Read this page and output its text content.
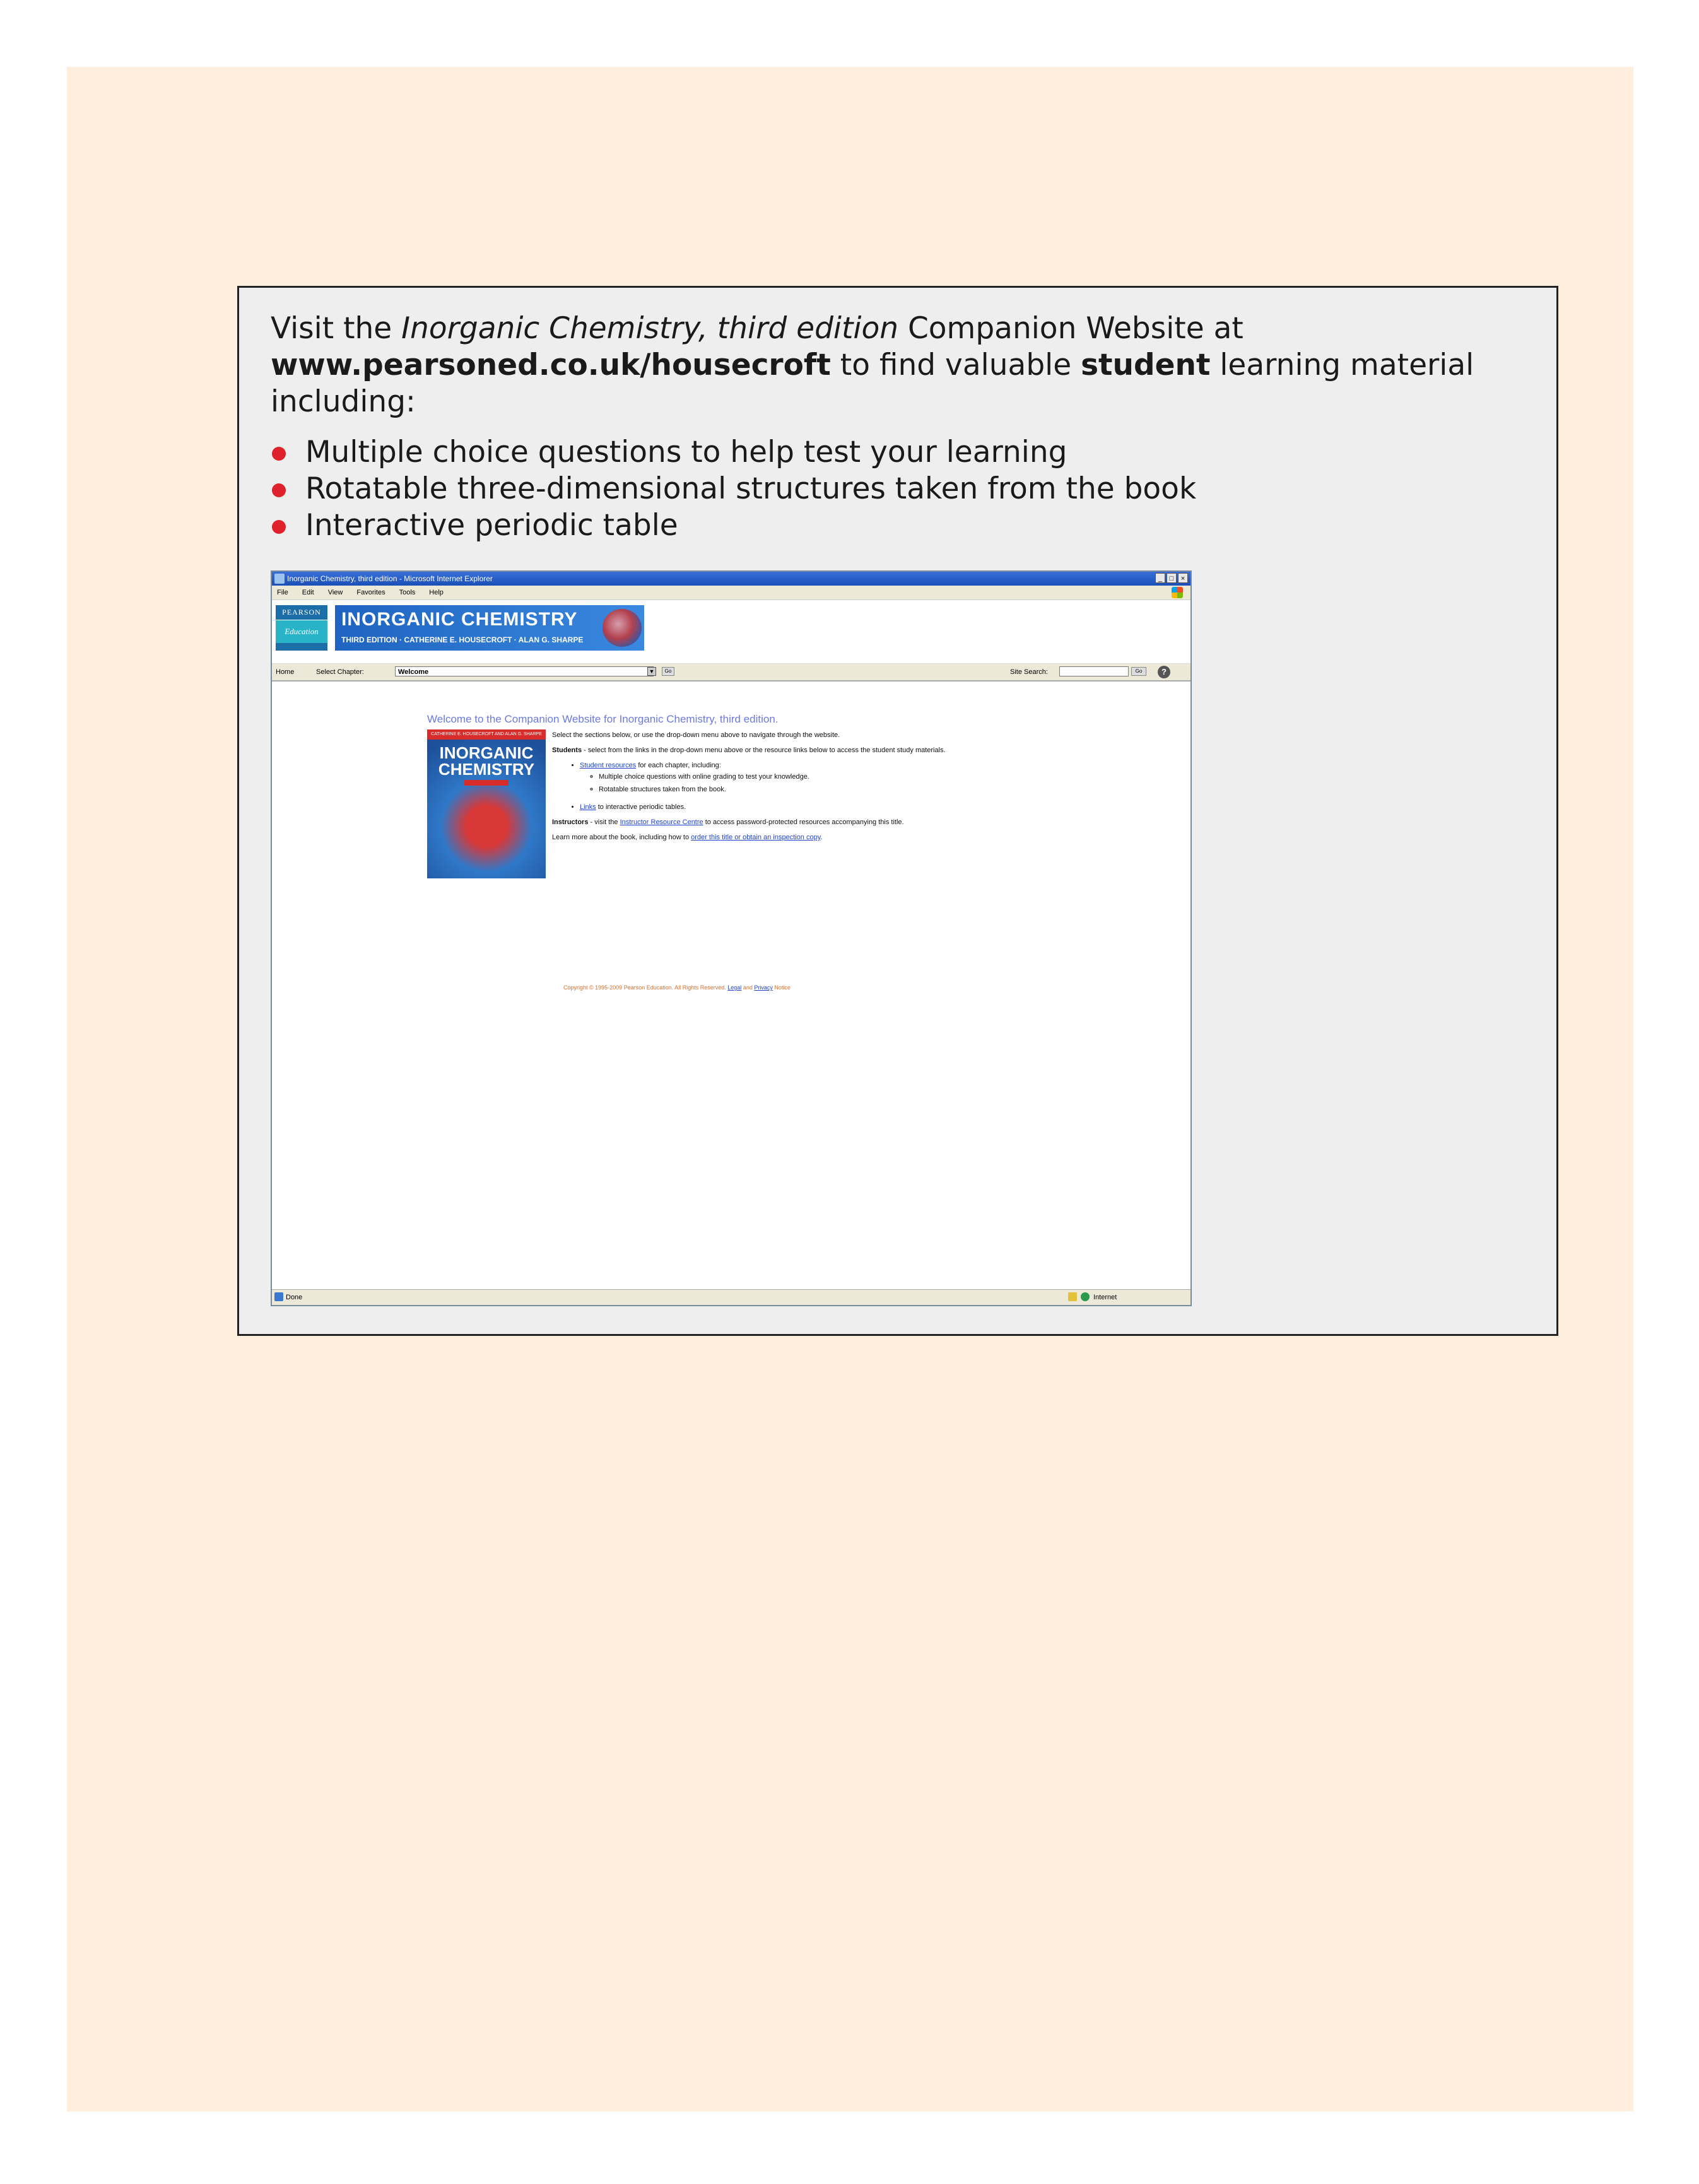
Visit the Inorganic Chemistry, third edition Companion Website at www.pearsoned.co.uk/housecroft to find valuable student learning material including:
Multiple choice questions to help test your learning
Rotatable three-dimensional structures taken from the book
Interactive periodic table
Inorganic Chemistry, third edition - Microsoft Internet Explorer	_	□	×
File Edit View Favorites Tools Help
PEARSON
Education
INORGANIC CHEMISTRY
THIRD EDITION · CATHERINE E. HOUSECROFT · ALAN G. SHARPE
Home	Select Chapter:	Welcome	▼	Go	Site Search:	Go	?
Welcome to the Companion Website for Inorganic Chemistry, third edition.
CATHERINE E. HOUSECROFT AND ALAN G. SHARPE
INORGANIC
CHEMISTRY

Select the sections below, or use the drop-down menu above to navigate through the website.

Students - select from the links in the drop-down menu above or the resource links below to access the student study materials.

• Student resources for each chapter, including:
◦ Multiple choice questions with online grading to test your knowledge.
◦ Rotatable structures taken from the book.
• Links to interactive periodic tables.

Instructors - visit the Instructor Resource Centre to access password-protected resources accompanying this title.

Learn more about the book, including how to order this title or obtain an inspection copy.

Copyright © 1995-2009 Pearson Education. All Rights Reserved. Legal and Privacy Notice
Done	Internet
